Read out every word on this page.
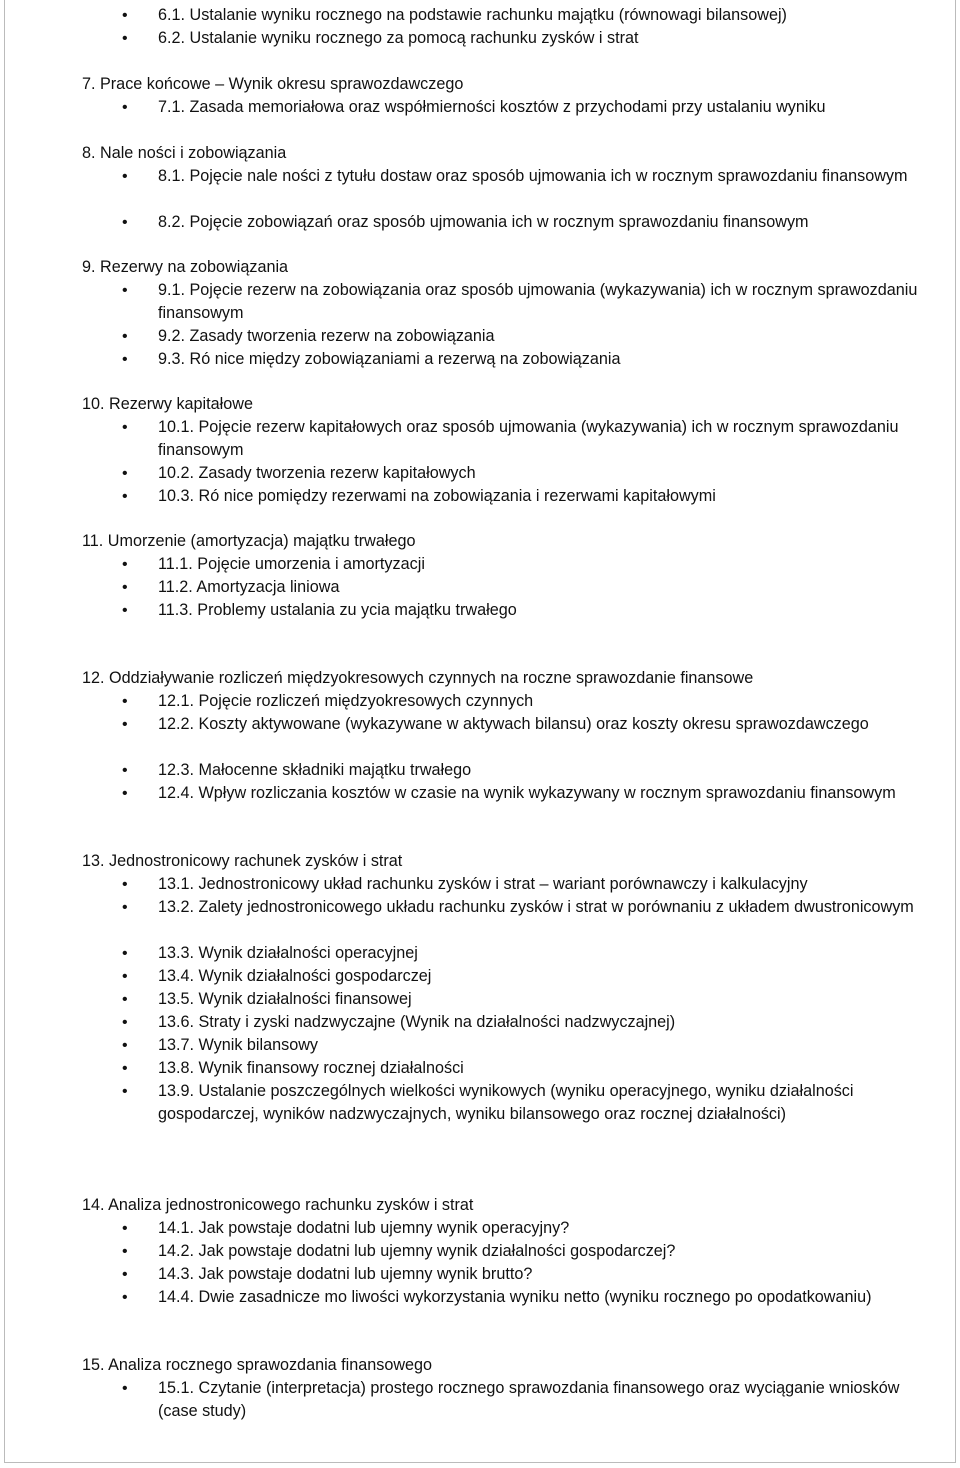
• 6.1. Ustalanie wyniku rocznego na podstawie rachunku majątku (równowagi bilansowej)
• 6.2. Ustalanie wyniku rocznego za pomocą rachunku zysków i strat
7. Prace końcowe – Wynik okresu sprawozdawczego
• 7.1. Zasada memoriałowa oraz współmierności kosztów z przychodami przy ustalaniu wyniku
8. Nale ności i zobowiązania
• 8.1. Pojęcie nale ności z tytułu dostaw oraz sposób ujmowania ich w rocznym sprawozdaniu finansowym
• 8.2. Pojęcie zobowiązań oraz sposób ujmowania ich w rocznym sprawozdaniu finansowym
9. Rezerwy na zobowiązania
• 9.1. Pojęcie rezerw na zobowiązania oraz sposób ujmowania (wykazywania) ich w rocznym sprawozdaniu finansowym
• 9.2. Zasady tworzenia rezerw na zobowiązania
• 9.3. Ró nice między zobowiązaniami a rezerwą na zobowiązania
10. Rezerwy kapitałowe
• 10.1. Pojęcie rezerw kapitałowych oraz sposób ujmowania (wykazywania) ich w rocznym sprawozdaniu finansowym
• 10.2. Zasady tworzenia rezerw kapitałowych
• 10.3. Ró nice pomiędzy rezerwami na zobowiązania i rezerwami kapitałowymi
11. Umorzenie (amortyzacja) majątku trwałego
• 11.1. Pojęcie umorzenia i amortyzacji
• 11.2. Amortyzacja liniowa
• 11.3. Problemy ustalania zu ycia majątku trwałego
12. Oddziaływanie rozliczeń międzyokresowych czynnych na roczne sprawozdanie finansowe
• 12.1. Pojęcie rozliczeń międzyokresowych czynnych
• 12.2. Koszty aktywowane (wykazywane w aktywach bilansu) oraz koszty okresu sprawozdawczego
• 12.3. Małocenne składniki majątku trwałego
• 12.4. Wpływ rozliczania kosztów w czasie na wynik wykazywany w rocznym sprawozdaniu finansowym
13. Jednostronicowy rachunek zysków i strat
• 13.1. Jednostronicowy układ rachunku zysków i strat – wariant porównawczy i kalkulacyjny
• 13.2. Zalety jednostronicowego układu rachunku zysków i strat w porównaniu z układem dwustronicowym
• 13.3. Wynik działalności operacyjnej
• 13.4. Wynik działalności gospodarczej
• 13.5. Wynik działalności finansowej
• 13.6. Straty i zyski nadzwyczajne (Wynik na działalności nadzwyczajnej)
• 13.7. Wynik bilansowy
• 13.8. Wynik finansowy rocznej działalności
• 13.9. Ustalanie poszczególnych wielkości wynikowych (wyniku operacyjnego, wyniku działalności gospodarczej, wyników nadzwyczajnych, wyniku bilansowego oraz rocznej działalności)
14. Analiza jednostronicowego rachunku zysków i strat
• 14.1. Jak powstaje dodatni lub ujemny wynik operacyjny?
• 14.2. Jak powstaje dodatni lub ujemny wynik działalności gospodarczej?
• 14.3. Jak powstaje dodatni lub ujemny wynik brutto?
• 14.4. Dwie zasadnicze mo liwości wykorzystania wyniku netto (wyniku rocznego po opodatkowaniu)
15. Analiza rocznego sprawozdania finansowego
• 15.1. Czytanie (interpretacja) prostego rocznego sprawozdania finansowego oraz wyciąganie wniosków (case study)
